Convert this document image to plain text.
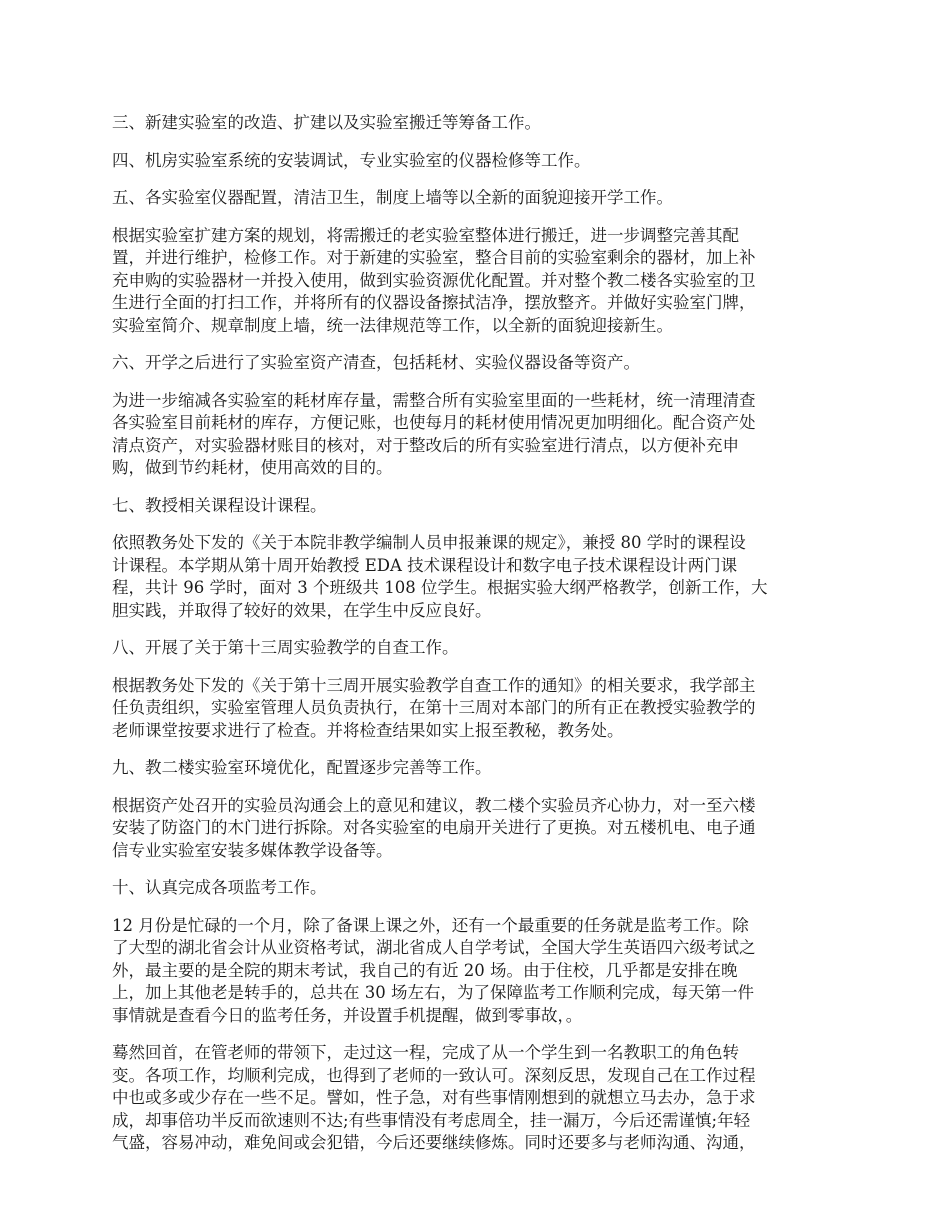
三、新建实验室的改造、扩建以及实验室搬迁等筹备工作。

四、机房实验室系统的安装调试，专业实验室的仪器检修等工作。

五、各实验室仪器配置，清洁卫生，制度上墙等以全新的面貌迎接开学工作。

根据实验室扩建方案的规划，将需搬迁的老实验室整体进行搬迁，进一步调整完善其配
置，并进行维护，检修工作。对于新建的实验室，整合目前的实验室剩余的器材，加上补
充申购的实验器材一并投入使用，做到实验资源优化配置。并对整个教二楼各实验室的卫
生进行全面的打扫工作，并将所有的仪器设备擦拭洁净，摆放整齐。并做好实验室门牌，
实验室简介、规章制度上墙，统一法律规范等工作，以全新的面貌迎接新生。

六、开学之后进行了实验室资产清查，包括耗材、实验仪器设备等资产。

为进一步缩减各实验室的耗材库存量，需整合所有实验室里面的一些耗材，统一清理清查
各实验室目前耗材的库存，方便记账，也使每月的耗材使用情况更加明细化。配合资产处
清点资产，对实验器材账目的核对，对于整改后的所有实验室进行清点，以方便补充申
购，做到节约耗材，使用高效的目的。

七、教授相关课程设计课程。

依照教务处下发的《关于本院非教学编制人员申报兼课的规定》，兼授 80 学时的课程设
计课程。本学期从第十周开始教授 EDA 技术课程设计和数字电子技术课程设计两门课
程，共计 96 学时，面对 3 个班级共 108 位学生。根据实验大纲严格教学，创新工作，大
胆实践，并取得了较好的效果，在学生中反应良好。

八、开展了关于第十三周实验教学的自查工作。

根据教务处下发的《关于第十三周开展实验教学自查工作的通知》的相关要求，我学部主
任负责组织，实验室管理人员负责执行，在第十三周对本部门的所有正在教授实验教学的
老师课堂按要求进行了检查。并将检查结果如实上报至教秘，教务处。

九、教二楼实验室环境优化，配置逐步完善等工作。

根据资产处召开的实验员沟通会上的意见和建议，教二楼个实验员齐心协力，对一至六楼
安装了防盗门的木门进行拆除。对各实验室的电扇开关进行了更换。对五楼机电、电子通
信专业实验室安装多媒体教学设备等。

十、认真完成各项监考工作。

12 月份是忙碌的一个月，除了备课上课之外，还有一个最重要的任务就是监考工作。除
了大型的湖北省会计从业资格考试，湖北省成人自学考试，全国大学生英语四六级考试之
外，最主要的是全院的期末考试，我自己的有近 20 场。由于住校，几乎都是安排在晚
上，加上其他老是转手的，总共在 30 场左右，为了保障监考工作顺利完成，每天第一件
事情就是查看今日的监考任务，并设置手机提醒，做到零事故，。

蓦然回首，在管老师的带领下，走过这一程，完成了从一个学生到一名教职工的角色转
变。各项工作，均顺利完成，也得到了老师的一致认可。深刻反思，发现自己在工作过程
中也或多或少存在一些不足。譬如，性子急，对有些事情刚想到的就想立马去办，急于求
成，却事倍功半反而欲速则不达;有些事情没有考虑周全，挂一漏万，今后还需谨慎;年轻
气盛，容易冲动，难免间或会犯错，今后还要继续修炼。同时还要多与老师沟通、沟通，
